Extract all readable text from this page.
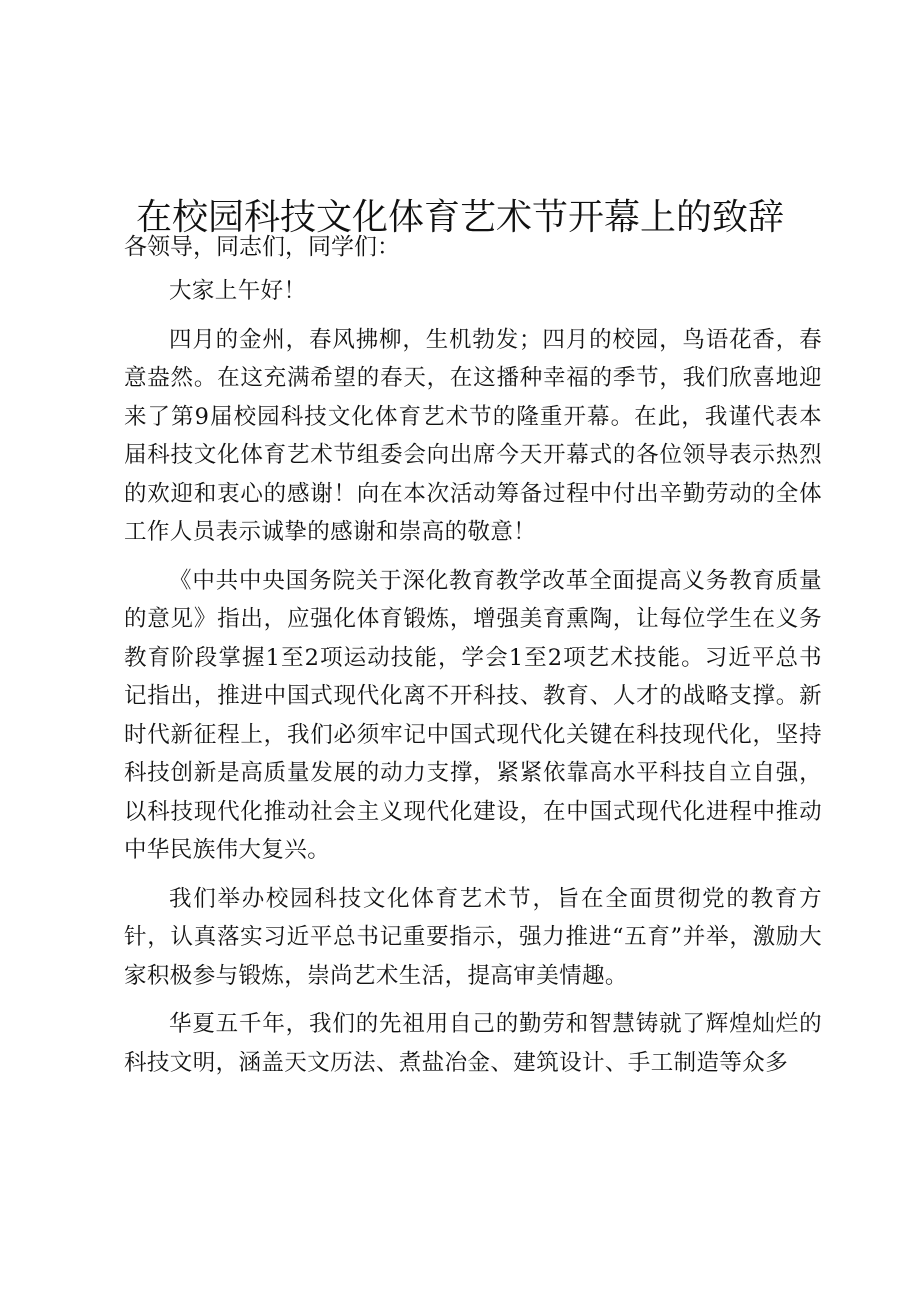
在校园科技文化体育艺术节开幕上的致辞
各领导，同志们，同学们：

大家上午好！

四月的金州，春风拂柳，生机勃发；四月的校园，鸟语花香，春意盎然。在这充满希望的春天，在这播种幸福的季节，我们欣喜地迎来了第9届校园科技文化体育艺术节的隆重开幕。在此，我谨代表本届科技文化体育艺术节组委会向出席今天开幕式的各位领导表示热烈的欢迎和衷心的感谢！向在本次活动筹备过程中付出辛勤劳动的全体工作人员表示诚挚的感谢和崇高的敬意！

《中共中央国务院关于深化教育教学改革全面提高义务教育质量的意见》指出，应强化体育锻炼，增强美育熏陶，让每位学生在义务教育阶段掌握1至2项运动技能，学会1至2项艺术技能。习近平总书记指出，推进中国式现代化离不开科技、教育、人才的战略支撑。新时代新征程上，我们必须牢记中国式现代化关键在科技现代化，坚持科技创新是高质量发展的动力支撑，紧紧依靠高水平科技自立自强，以科技现代化推动社会主义现代化建设，在中国式现代化进程中推动中华民族伟大复兴。

我们举办校园科技文化体育艺术节，旨在全面贯彻党的教育方针，认真落实习近平总书记重要指示，强力推进“五育”并举，激励大家积极参与锻炼，崇尚艺术生活，提高审美情趣。

华夏五千年，我们的先祖用自己的勤劳和智慧铸就了辉煌灿烂的科技文明，涵盖天文历法、煮盐冶金、建筑设计、手工制造等众多
